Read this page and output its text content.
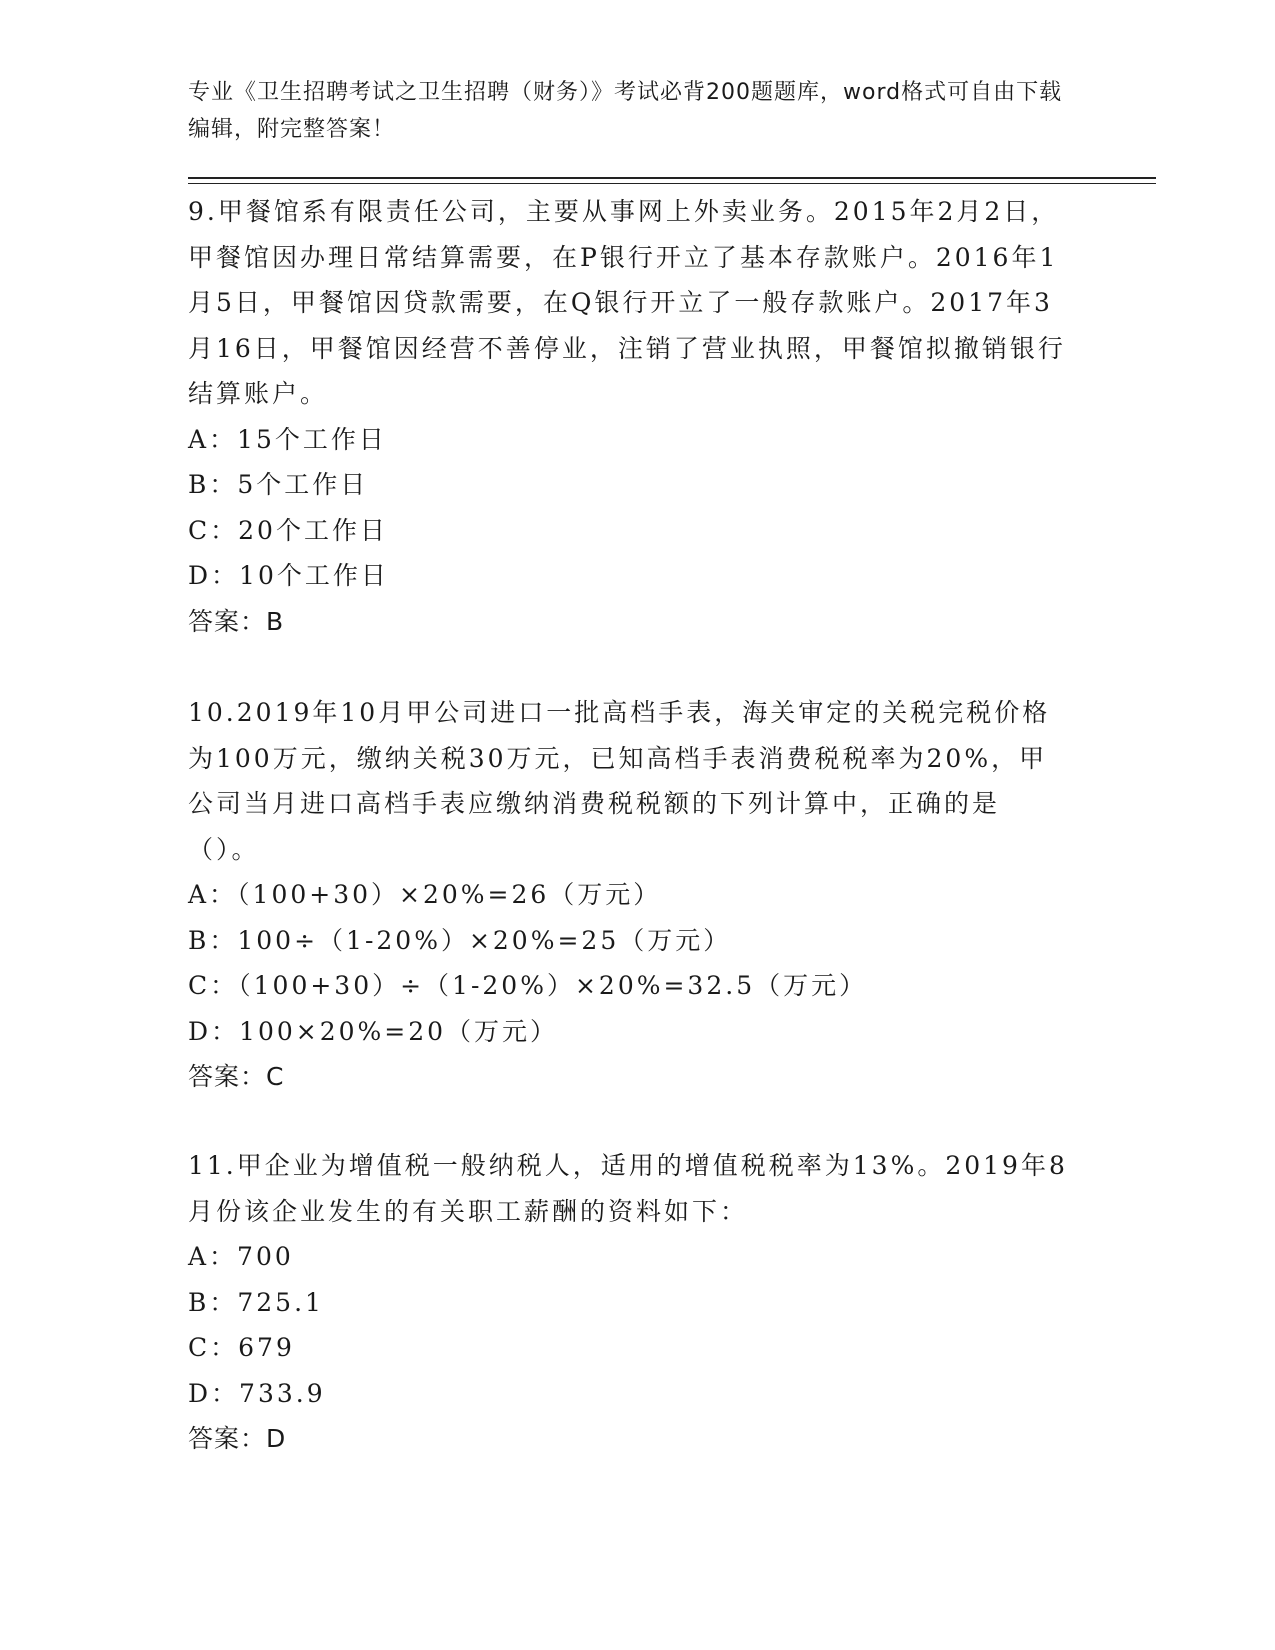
专业《卫生招聘考试之卫生招聘（财务）》考试必背200题题库，word格式可自由下载编辑，附完整答案！
9.甲餐馆系有限责任公司，主要从事网上外卖业务。2015年2月2日，甲餐馆因办理日常结算需要，在P银行开立了基本存款账户。2016年1月5日，甲餐馆因贷款需要，在Q银行开立了一般存款账户。2017年3月16日，甲餐馆因经营不善停业，注销了营业执照，甲餐馆拟撤销银行结算账户。
A：15个工作日
B：5个工作日
C：20个工作日
D：10个工作日
答案：B
10.2019年10月甲公司进口一批高档手表，海关审定的关税完税价格为100万元，缴纳关税30万元，已知高档手表消费税税率为20%，甲公司当月进口高档手表应缴纳消费税税额的下列计算中，正确的是（）。
A：（100+30）×20%=26（万元）
B：100÷（1-20%）×20%=25（万元）
C：（100+30）÷（1-20%）×20%=32.5（万元）
D：100×20%=20（万元）
答案：C
11.甲企业为增值税一般纳税人，适用的增值税税率为13%。2019年8月份该企业发生的有关职工薪酬的资料如下：
A：700
B：725.1
C：679
D：733.9
答案：D
